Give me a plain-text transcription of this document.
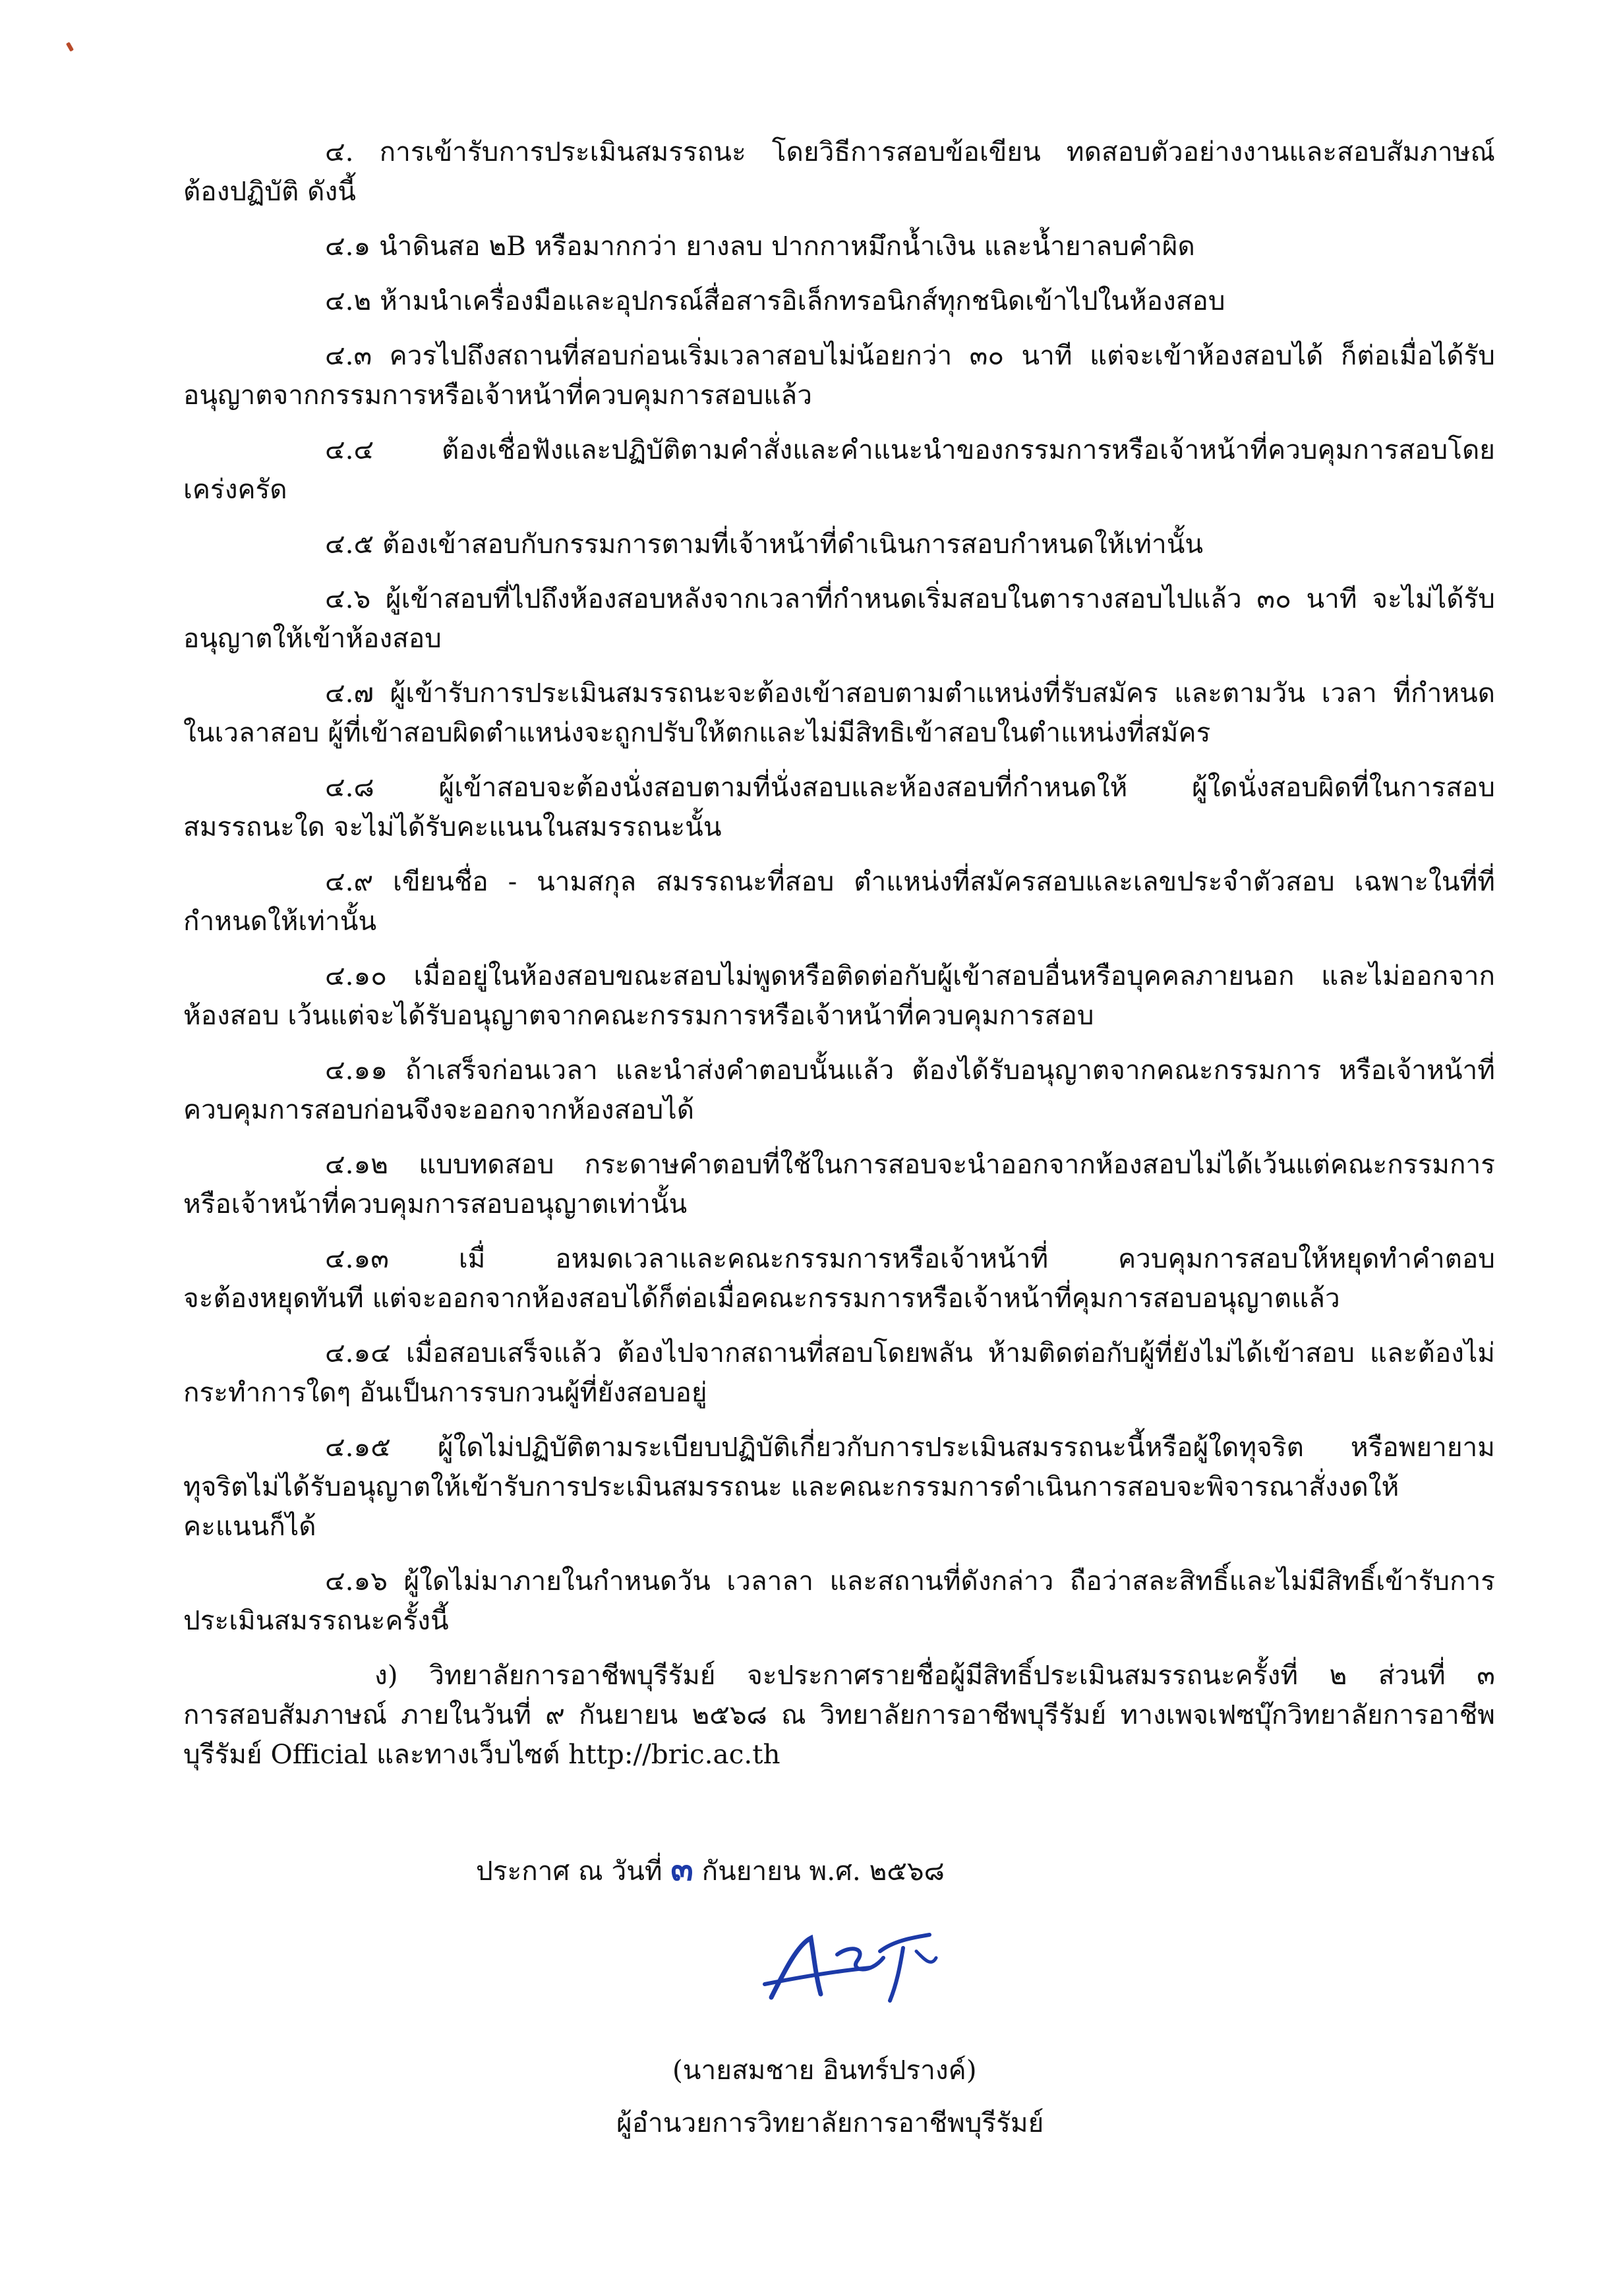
๔. การเข้ารับการประเมินสมรรถนะ โดยวิธีการสอบข้อเขียน ทดสอบตัวอย่างงานและสอบสัมภาษณ์
ต้องปฏิบัติ ดังนี้
๔.๑ นำดินสอ ๒B หรือมากกว่า ยางลบ ปากกาหมึกน้ำเงิน และน้ำยาลบคำผิด
๔.๒ ห้ามนำเครื่องมือและอุปกรณ์สื่อสารอิเล็กทรอนิกส์ทุกชนิดเข้าไปในห้องสอบ
๔.๓ ควรไปถึงสถานที่สอบก่อนเริ่มเวลาสอบไม่น้อยกว่า ๓๐ นาที แต่จะเข้าห้องสอบได้ ก็ต่อเมื่อได้รับ
อนุญาตจากกรรมการหรือเจ้าหน้าที่ควบคุมการสอบแล้ว
๔.๔ ต้องเชื่อฟังและปฏิบัติตามคำสั่งและคำแนะนำของกรรมการหรือเจ้าหน้าที่ควบคุมการสอบโดย
เคร่งครัด
๔.๕ ต้องเข้าสอบกับกรรมการตามที่เจ้าหน้าที่ดำเนินการสอบกำหนดให้เท่านั้น
๔.๖ ผู้เข้าสอบที่ไปถึงห้องสอบหลังจากเวลาที่กำหนดเริ่มสอบในตารางสอบไปแล้ว ๓๐ นาที จะไม่ได้รับ
อนุญาตให้เข้าห้องสอบ
๔.๗ ผู้เข้ารับการประเมินสมรรถนะจะต้องเข้าสอบตามตำแหน่งที่รับสมัคร และตามวัน เวลา ที่กำหนด
ในเวลาสอบ ผู้ที่เข้าสอบผิดตำแหน่งจะถูกปรับให้ตกและไม่มีสิทธิเข้าสอบในตำแหน่งที่สมัคร
๔.๘ ผู้เข้าสอบจะต้องนั่งสอบตามที่นั่งสอบและห้องสอบที่กำหนดให้ ผู้ใดนั่งสอบผิดที่ในการสอบ
สมรรถนะใด จะไม่ได้รับคะแนนในสมรรถนะนั้น
๔.๙ เขียนชื่อ - นามสกุล สมรรถนะที่สอบ ตำแหน่งที่สมัครสอบและเลขประจำตัวสอบ เฉพาะในที่ที่
กำหนดให้เท่านั้น
๔.๑๐ เมื่ออยู่ในห้องสอบขณะสอบไม่พูดหรือติดต่อกับผู้เข้าสอบอื่นหรือบุคคลภายนอก และไม่ออกจาก
ห้องสอบ เว้นแต่จะได้รับอนุญาตจากคณะกรรมการหรือเจ้าหน้าที่ควบคุมการสอบ
๔.๑๑ ถ้าเสร็จก่อนเวลา และนำส่งคำตอบนั้นแล้ว ต้องได้รับอนุญาตจากคณะกรรมการ หรือเจ้าหน้าที่
ควบคุมการสอบก่อนจึงจะออกจากห้องสอบได้
๔.๑๒ แบบทดสอบ กระดาษคำตอบที่ใช้ในการสอบจะนำออกจากห้องสอบไม่ได้เว้นแต่คณะกรรมการ
หรือเจ้าหน้าที่ควบคุมการสอบอนุญาตเท่านั้น
๔.๑๓ เมื่ อหมดเวลาและคณะกรรมการหรือเจ้าหน้าที่ ควบคุมการสอบให้หยุดทำคำตอบ
จะต้องหยุดทันที แต่จะออกจากห้องสอบได้ก็ต่อเมื่อคณะกรรมการหรือเจ้าหน้าที่คุมการสอบอนุญาตแล้ว
๔.๑๔ เมื่อสอบเสร็จแล้ว ต้องไปจากสถานที่สอบโดยพลัน ห้ามติดต่อกับผู้ที่ยังไม่ได้เข้าสอบ และต้องไม่
กระทำการใดๆ อันเป็นการรบกวนผู้ที่ยังสอบอยู่
๔.๑๕ ผู้ใดไม่ปฏิบัติตามระเบียบปฏิบัติเกี่ยวกับการประเมินสมรรถนะนี้หรือผู้ใดทุจริต หรือพยายาม
ทุจริตไม่ได้รับอนุญาตให้เข้ารับการประเมินสมรรถนะ และคณะกรรมการดำเนินการสอบจะพิจารณาสั่งงดให้
คะแนนก็ได้
๔.๑๖ ผู้ใดไม่มาภายในกำหนดวัน เวลาลา และสถานที่ดังกล่าว ถือว่าสละสิทธิ์และไม่มีสิทธิ์เข้ารับการ
ประเมินสมรรถนะครั้งนี้
ง) วิทยาลัยการอาชีพบุรีรัมย์ จะประกาศรายชื่อผู้มีสิทธิ์ประเมินสมรรถนะครั้งที่ ๒ ส่วนที่ ๓
การสอบสัมภาษณ์ ภายในวันที่ ๙ กันยายน ๒๕๖๘ ณ วิทยาลัยการอาชีพบุรีรัมย์ ทางเพจเฟซบุ๊กวิทยาลัยการอาชีพ
บุรีรัมย์ Official และทางเว็บไซต์ http://bric.ac.th
ประกาศ ณ วันที่ ๓ กันยายน พ.ศ. ๒๕๖๘
(นายสมชาย อินทร์ปรางค์)
ผู้อำนวยการวิทยาลัยการอาชีพบุรีรัมย์
